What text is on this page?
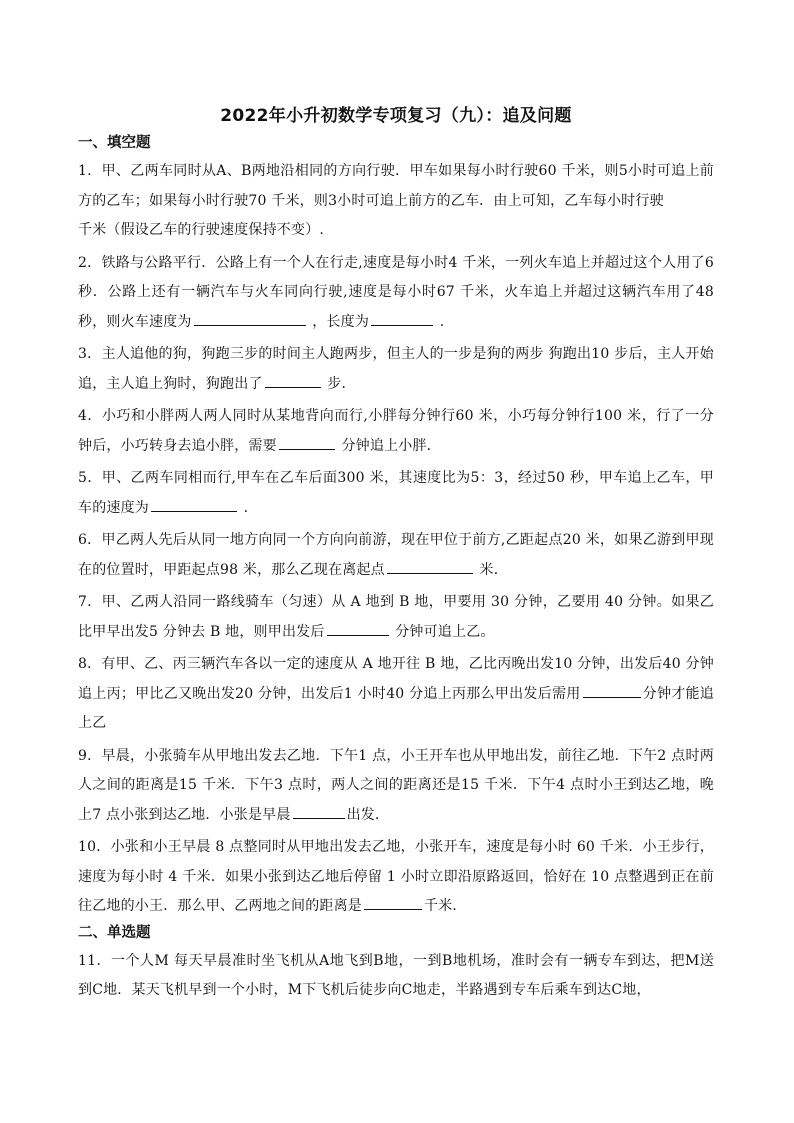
2022年小升初数学专项复习（九）：追及问题
一、填空题

1．甲、乙两车同时从A、B两地沿相同的方向行驶．甲车如果每小时行驶60 千米，则5小时可追上前方的乙车；如果每小时行驶70 千米，则3小时可追上前方的乙车．由上可知，乙车每小时行驶
千米（假设乙车的行驶速度保持不变）.

2．铁路与公路平行．公路上有一个人在行走,速度是每小时4 千米，一列火车追上并超过这个人用了6 秒．公路上还有一辆汽车与火车同向行驶,速度是每小时67 千米，火车追上并超过这辆汽车用了48 秒，则火车速度为	，长度为	.

3．主人追他的狗，狗跑三步的时间主人跑两步，但主人的一步是狗的两步 狗跑出10 步后，主人开始追，主人追上狗时，狗跑出了	步．

4．小巧和小胖两人两人同时从某地背向而行,小胖每分钟行60 米，小巧每分钟行100 米，行了一分钟后，小巧转身去追小胖，需要	分钟追上小胖．

5．甲、乙两车同相而行,甲车在乙车后面300 米，其速度比为5：3，经过50 秒，甲车追上乙车，甲车的速度为	.

6．甲乙两人先后从同一地方向同一个方向向前游，现在甲位于前方,乙距起点20 米，如果乙游到甲现在的位置时，甲距起点98 米，那么乙现在离起点	米．

7．甲、乙两人沿同一路线骑车（匀速）从 A 地到 B 地，甲要用 30 分钟，乙要用 40 分钟。如果乙比甲早出发5 分钟去 B 地，则甲出发后	分钟可追上乙。

8．有甲、乙、丙三辆汽车各以一定的速度从 A 地开往 B 地，乙比丙晚出发10 分钟，出发后40 分钟追上丙；甲比乙又晚出发20 分钟，出发后1 小时40 分追上丙那么甲出发后需用	分钟才能追上乙

9．早晨，小张骑车从甲地出发去乙地．下午1 点，小王开车也从甲地出发，前往乙地．下午2 点时两人之间的距离是15 千米．下午3 点时，两人之间的距离还是15 千米．下午4 点时小王到达乙地，晚上7 点小张到达乙地．小张是早晨	出发．

10．小张和小王早晨 8 点整同时从甲地出发去乙地，小张开车，速度是每小时 60 千米．小王步行，速度为每小时 4 千米．如果小张到达乙地后停留 1 小时立即沿原路返回，恰好在 10 点整遇到正在前往乙地的小王．那么甲、乙两地之间的距离是	千米．

二、单选题

11．一个人M 每天早晨准时坐飞机从A地飞到B地，一到B地机场，准时会有一辆专车到达，把M送到C地．某天飞机早到一个小时，M下飞机后徒步向C地走，半路遇到专车后乘车到达C地，
